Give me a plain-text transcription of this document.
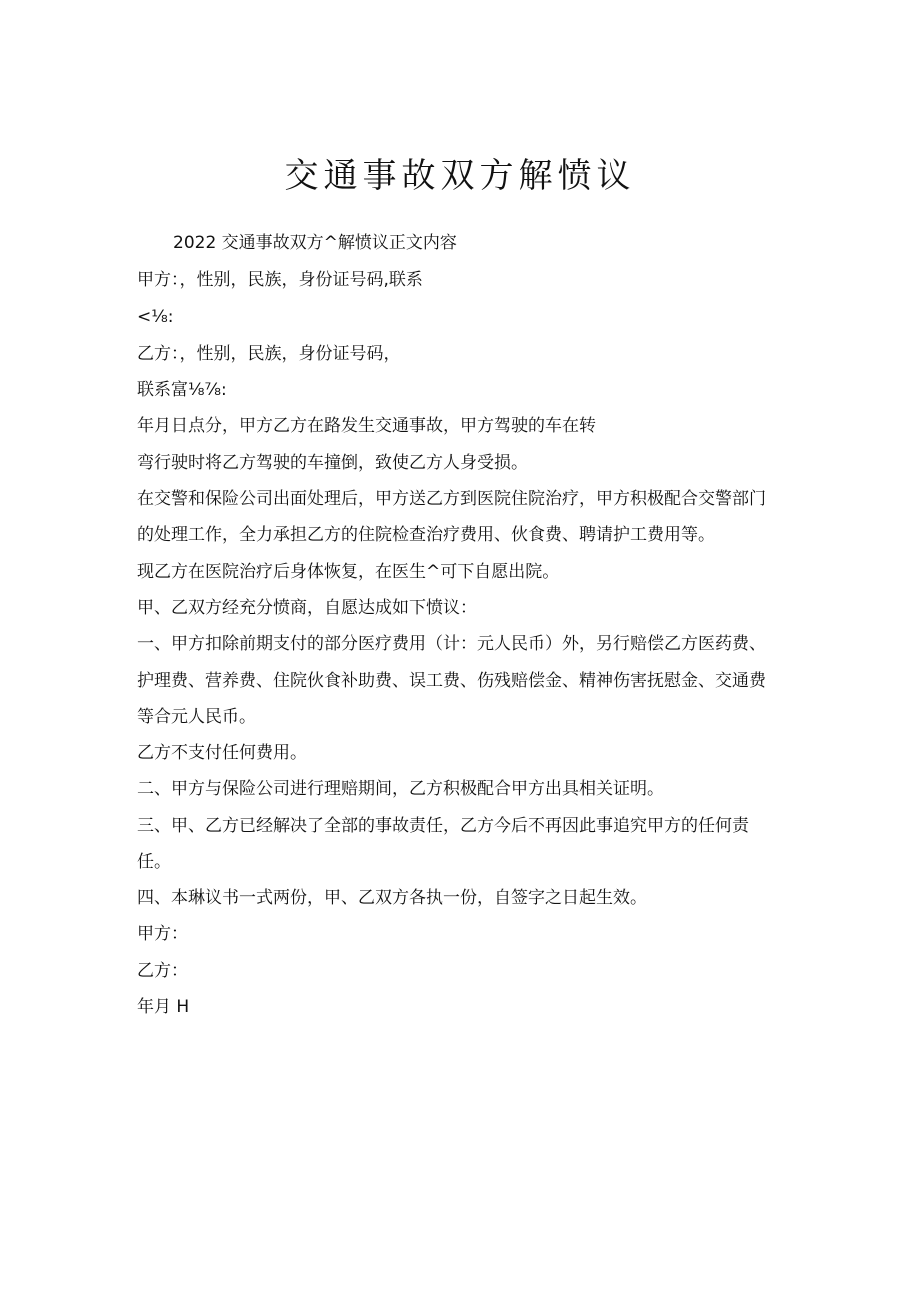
交通事故双方解愤议
2022 交通事故双方^解愤议正文内容
甲方：，性别，民族，身份证号码,联系
<⅛:
乙方：，性别，民族，身份证号码，
联系富⅛⅞:
年月日点分，甲方乙方在路发生交通事故，甲方驾驶的车在转
弯行驶时将乙方驾驶的车撞倒，致使乙方人身受损。
在交警和保险公司出面处理后，甲方送乙方到医院住院治疗，甲方积极配合交警部门
的处理工作，全力承担乙方的住院检查治疗费用、伙食费、聘请护工费用等。
现乙方在医院治疗后身体恢复，在医生^可下自愿出院。
甲、乙双方经充分愤商，自愿达成如下愤议：
一、甲方扣除前期支付的部分医疗费用（计：元人民币）外，另行赔偿乙方医药费、
护理费、营养费、住院伙食补助费、误工费、伤残赔偿金、精神伤害抚慰金、交通费
等合元人民币。
乙方不支付任何费用。
二、甲方与保险公司进行理赔期间，乙方积极配合甲方出具相关证明。
三、甲、乙方已经解决了全部的事故责任，乙方今后不再因此事追究甲方的任何责
任。
四、本琳议书一式两份，甲、乙双方各执一份，自签字之日起生效。
甲方：
乙方：
年月 H
